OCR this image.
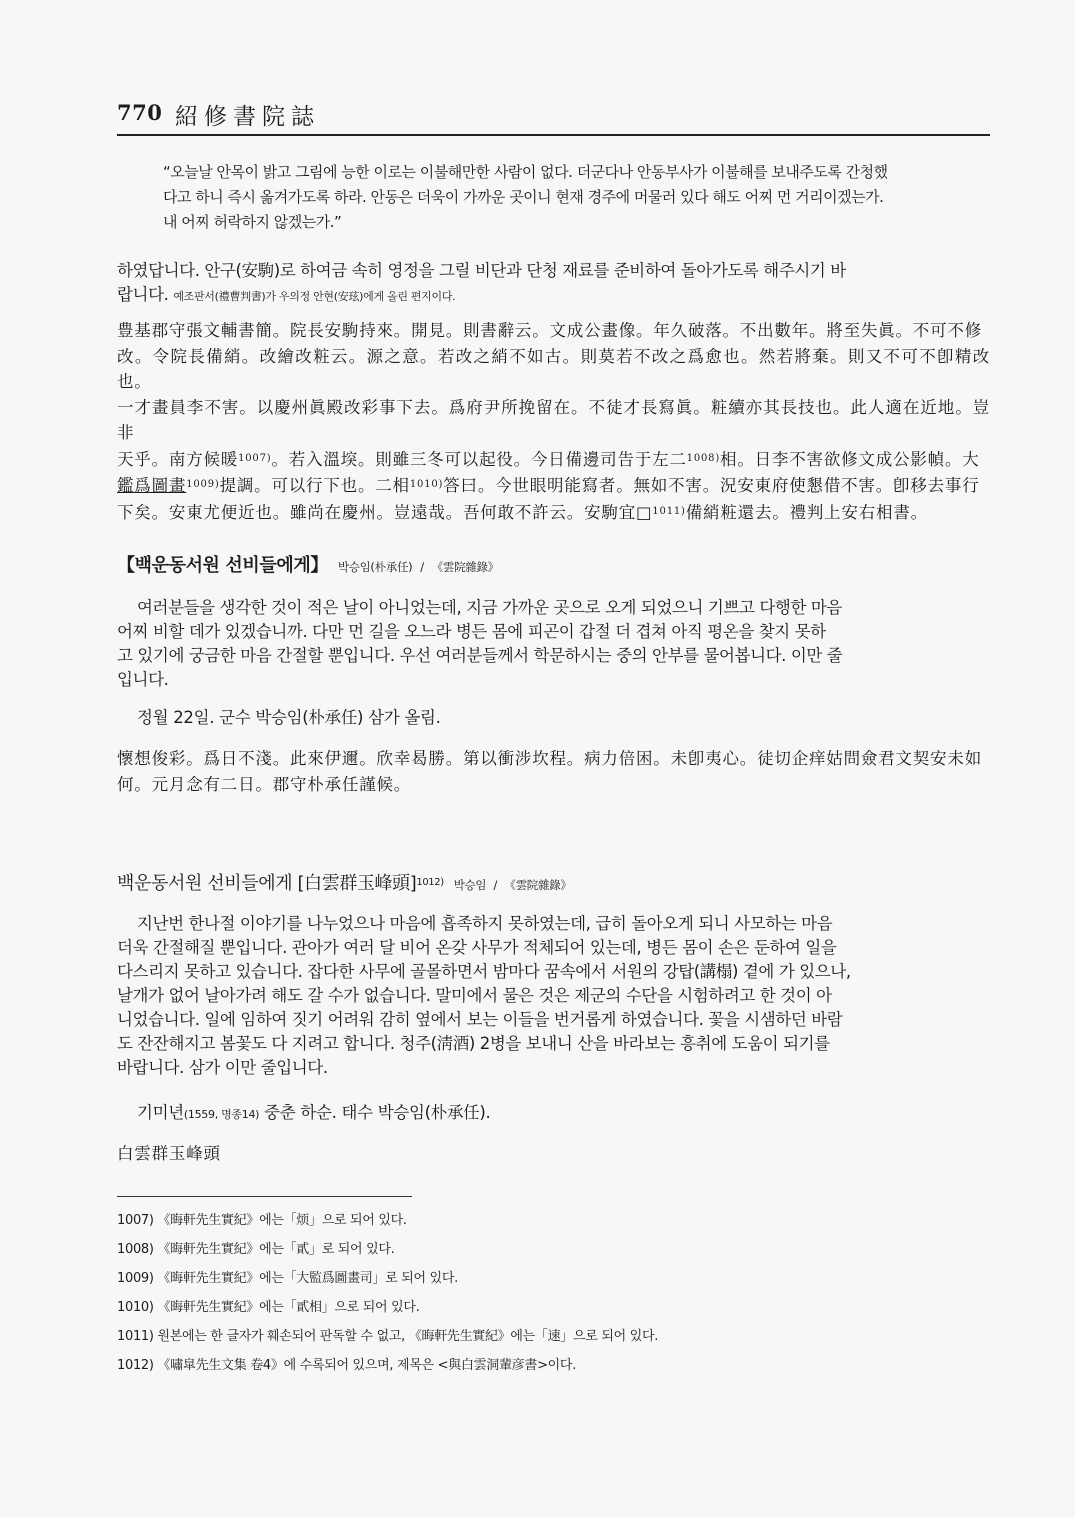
770 紹修書院誌
“오늘날 안목이 밝고 그림에 능한 이로는 이불해만한 사람이 없다. 더군다나 안동부사가 이불해를 보내주도록 간청했
다고 하니 즉시 옮겨가도록 하라. 안동은 더욱이 가까운 곳이니 현재 경주에 머물러 있다 해도 어찌 먼 거리이겠는가.
내 어찌 허락하지 않겠는가.”
하였답니다. 안구(安駒)로 하여금 속히 영정을 그릴 비단과 단청 재료를 준비하여 돌아가도록 해주시기 바
랍니다. 예조판서(禮曹判書)가 우의정 안현(安玹)에게 올린 편지이다.
豊基郡守張文輔書簡。院長安駒持來。開見。則書辭云。文成公畫像。年久破落。不出數年。將至失眞。不可不修
改。令院長備綃。改繪改粧云。源之意。若改之綃不如古。則莫若不改之爲愈也。然若將棄。則又不可不卽精改也。
一才畫員李不害。以慶州眞殿改彩事下去。爲府尹所挽留在。不徒才長寫眞。粧續亦其長技也。此人適在近地。豈非
天乎。南方候暖$^{1007)}$。若入溫堗。則雖三冬可以起役。今日備邊司告于左二$^{1008)}$相。日李不害欲修文成公影幀。大
鑑爲圖畫$^{1009)}$提調。可以行下也。二相$^{1010)}$答曰。今世眼明能寫者。無如不害。況安東府使懇借不害。卽移去事行
下矣。安東尤便近也。雖尚在慶州。豈遠哉。吾何敢不許云。安駒宜□$^{1011)}$備綃粧還去。禮判上安右相書。
【백운동서원 선비들에게】 박승임(朴承任) / 《雲院雜錄》
여러분들을 생각한 것이 적은 날이 아니었는데, 지금 가까운 곳으로 오게 되었으니 기쁘고 다행한 마음
어찌 비할 데가 있겠습니까. 다만 먼 길을 오느라 병든 몸에 피곤이 갑절 더 겹쳐 아직 평온을 찾지 못하
고 있기에 궁금한 마음 간절할 뿐입니다. 우선 여러분들께서 학문하시는 중의 안부를 물어봅니다. 이만 줄
입니다.
정월 22일. 군수 박승임(朴承任) 삼가 올림.
懷想俊彩。爲日不淺。此來伊邇。欣幸曷勝。第以衝涉坎程。病力倍困。未卽夷心。徒切企痒姑問僉君文契安未如
何。元月念有二日。郡守朴承任謹候。
백운동서원 선비들에게 [白雲群玉峰頭]$^{1012)}$ 박승임 / 《雲院雜錄》
지난번 한나절 이야기를 나누었으나 마음에 흡족하지 못하였는데, 급히 돌아오게 되니 사모하는 마음
더욱 간절해질 뿐입니다. 관아가 여러 달 비어 온갖 사무가 적체되어 있는데, 병든 몸이 손은 둔하여 일을
다스리지 못하고 있습니다. 잡다한 사무에 골몰하면서 밤마다 꿈속에서 서원의 강탑(講榻) 곁에 가 있으나,
날개가 없어 날아가려 해도 갈 수가 없습니다. 말미에서 물은 것은 제군의 수단을 시험하려고 한 것이 아
니었습니다. 일에 임하여 짓기 어려워 감히 옆에서 보는 이들을 번거롭게 하였습니다. 꽃을 시샘하던 바람
도 잔잔해지고 봄꽃도 다 지려고 합니다. 청주(淸酒) 2병을 보내니 산을 바라보는 흥취에 도움이 되기를
바랍니다. 삼가 이만 줄입니다.
기미년(1559, 명종14) 중춘 하순. 태수 박승임(朴承任).
白雲群玉峰頭
1007) 《晦軒先生實紀》에는「烦」으로 되어 있다.
1008) 《晦軒先生實紀》에는「貳」로 되어 있다.
1009) 《晦軒先生實紀》에는「大監爲圖畫司」로 되어 있다.
1010) 《晦軒先生實紀》에는「貳相」으로 되어 있다.
1011) 원본에는 한 글자가 훼손되어 판독할 수 없고, 《晦軒先生實紀》에는「速」으로 되어 있다.
1012) 《嘯皐先生文集 卷4》에 수록되어 있으며, 제목은 <與白雲洞輩彦書>이다.
